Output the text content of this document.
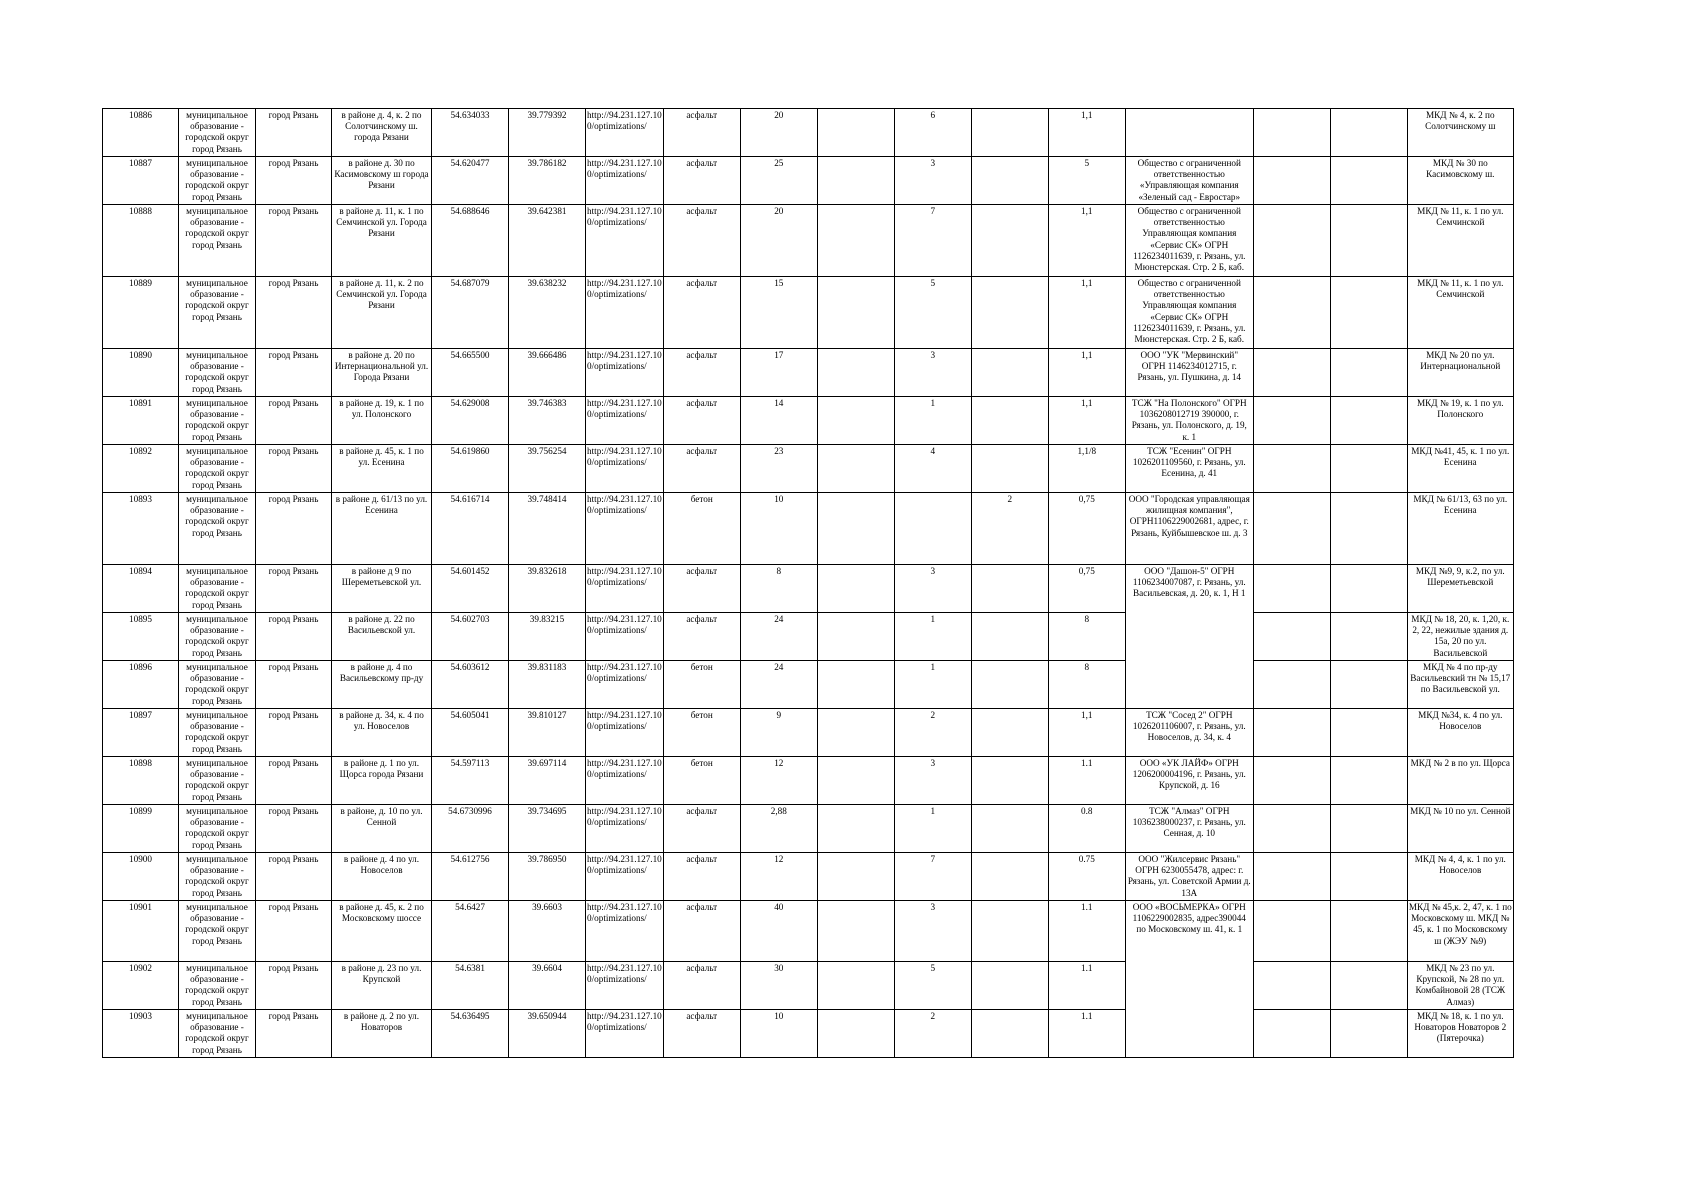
10886	муниципальное образование - городской округ город Рязань	город Рязань	в районе д. 4, к. 2 по Солотчинскому ш. города Рязани	54.634033	39.779392	http://94.231.127.10 0/optimizations/	асфальт	20		6		1,1				МКД № 4, к. 2 по Солотчинскому ш
10887	муниципальное образование - городской округ город Рязань	город Рязань	в районе д. 30 по Касимовскому ш города Рязани	54.620477	39.786182	http://94.231.127.10 0/optimizations/	асфальт	25		3		5	Общество с ограниченной ответственностью «Управляющая компания «Зеленый сад - Евростар»			МКД № 30 по Касимовскому ш.
10888	муниципальное образование - городской округ город Рязань	город Рязань	в районе д. 11, к. 1 по Семчинской ул. Города Рязани	54.688646	39.642381	http://94.231.127.10 0/optimizations/	асфальт	20		7		1,1	Общество с ограниченной ответственностью Управляющая компания «Сервис СК» ОГРН 1126234011639, г. Рязань, ул. Мюнстерская. Стр. 2 Б, каб.			МКД № 11, к. 1 по ул. Семчинской
10889	муниципальное образование - городской округ город Рязань	город Рязань	в районе д. 11, к. 2 по Семчинской ул. Города Рязани	54.687079	39.638232	http://94.231.127.10 0/optimizations/	асфальт	15		5		1,1	Общество с ограниченной ответственностью Управляющая компания «Сервис СК» ОГРН 1126234011639, г. Рязань, ул. Мюнстерская. Стр. 2 Б, каб.			МКД № 11, к. 1 по ул. Семчинской
10890	муниципальное образование - городской округ город Рязань	город Рязань	в районе д. 20 по Интернациональной ул. Города Рязани	54.665500	39.666486	http://94.231.127.10 0/optimizations/	асфальт	17		3		1,1	ООО "УК "Мервинский" ОГРН 1146234012715, г. Рязань, ул. Пушкина, д. 14			МКД № 20 по ул. Интернациональной
10891	муниципальное образование - городской округ город Рязань	город Рязань	в районе д. 19, к. 1 по ул. Полонского	54.629008	39.746383	http://94.231.127.10 0/optimizations/	асфальт	14		1		1,1	ТСЖ "На Полонского" ОГРН 1036208012719 390000, г. Рязань, ул. Полонского, д. 19, к. 1			МКД № 19, к. 1 по ул. Полонского
10892	муниципальное образование - городской округ город Рязань	город Рязань	в районе д. 45, к. 1 по ул. Есенина	54.619860	39.756254	http://94.231.127.10 0/optimizations/	асфальт	23		4		1,1/8	ТСЖ "Есенин" ОГРН 1026201109560, г. Рязань, ул. Есенина, д. 41			МКД №41, 45, к. 1 по ул. Есенина
10893	муниципальное образование - городской округ город Рязань	город Рязань	в районе д. 61/13 по ул. Есенина	54.616714	39.748414	http://94.231.127.10 0/optimizations/	бетон	10			2	0,75	ООО "Городская управляющая жилищная компания", ОГРН1106229002681, адрес, г. Рязань, Куйбышевское ш. д. 3			МКД № 61/13, 63 по ул. Есенина
10894	муниципальное образование - городской округ город Рязань	город Рязань	в районе д 9 по Шереметьевской ул.	54.601452	39.832618	http://94.231.127.10 0/optimizations/	асфальт	8		3		0,75	ООО "Дашон-5" ОГРН 1106234007087, г. Рязань, ул. Васильевская, д. 20, к. 1, Н 1			МКД №9, 9, к.2, по ул. Шереметьевской
10895	муниципальное образование - городской округ город Рязань	город Рязань	в районе д. 22 по Васильевской ул.	54.602703	39.83215	http://94.231.127.10 0/optimizations/	асфальт	24		1		8				МКД № 18, 20, к. 1,20, к. 2, 22, нежилые здания д. 15а, 20 по ул. Васильевской
10896	муниципальное образование - городской округ город Рязань	город Рязань	в районе д. 4 по Васильевскому пр-ду	54.603612	39.831183	http://94.231.127.10 0/optimizations/	бетон	24		1		8				МКД № 4 по пр-ду Васильевский тн № 15,17 по Васильевской ул.
10897	муниципальное образование - городской округ город Рязань	город Рязань	в районе д. 34, к. 4 по ул. Новоселов	54.605041	39.810127	http://94.231.127.10 0/optimizations/	бетон	9		2		1,1	ТСЖ "Сосед 2" ОГРН 1026201106007, г. Рязань, ул. Новоселов, д. 34, к. 4			МКД №34, к. 4 по ул. Новоселов
10898	муниципальное образование - городской округ город Рязань	город Рязань	в районе д. 1 по ул. Щорса города Рязани	54.597113	39.697114	http://94.231.127.10 0/optimizations/	бетон	12		3		1.1	ООО «УК ЛАЙФ» ОГРН 1206200004196, г. Рязань, ул. Крупской, д. 16			МКД № 2 в по ул. Щорса
10899	муниципальное образование - городской округ город Рязань	город Рязань	в районе, д. 10 по ул. Сенной	54.6730996	39.734695	http://94.231.127.10 0/optimizations/	асфальт	2,88		1		0.8	ТСЖ "Алмаз" ОГРН 1036238000237, г. Рязань, ул. Сенная, д. 10			МКД № 10 по ул. Сенной
10900	муниципальное образование - городской округ город Рязань	город Рязань	в районе д. 4 по ул. Новоселов	54.612756	39.786950	http://94.231.127.10 0/optimizations/	асфальт	12		7		0.75	ООО "Жилсервис Рязань" ОГРН 6230055478, адрес: г. Рязань, ул. Советской Армии д. 13А			МКД № 4, 4, к. 1 по ул. Новоселов
10901	муниципальное образование - городской округ город Рязань	город Рязань	в районе д. 45, к. 2 по Московскому шоссе	54.6427	39.6603	http://94.231.127.10 0/optimizations/	асфальт	40		3		1.1	ООО «ВОСЬМЕРКА» ОГРН 1106229002835, адрес390044 по Московскому ш. 41, к. 1			МКД № 45,к. 2, 47, к. 1 по Московскому ш. МКД № 45, к. 1 по Московскому ш (ЖЭУ №9)
10902	муниципальное образование - городской округ город Рязань	город Рязань	в районе д. 23 по ул. Крупской	54.6381	39.6604	http://94.231.127.10 0/optimizations/	асфальт	30		5		1.1				МКД № 23 по ул. Крупской, № 28 по ул. Комбайновой 28 (ТСЖ Алмаз)
10903	муниципальное образование - городской округ город Рязань	город Рязань	в районе д. 2 по ул. Новаторов	54.636495	39.650944	http://94.231.127.10 0/optimizations/	асфальт	10		2		1.1				МКД № 18, к. 1 по ул. Новаторов Новаторов 2 (Пятерочка)
